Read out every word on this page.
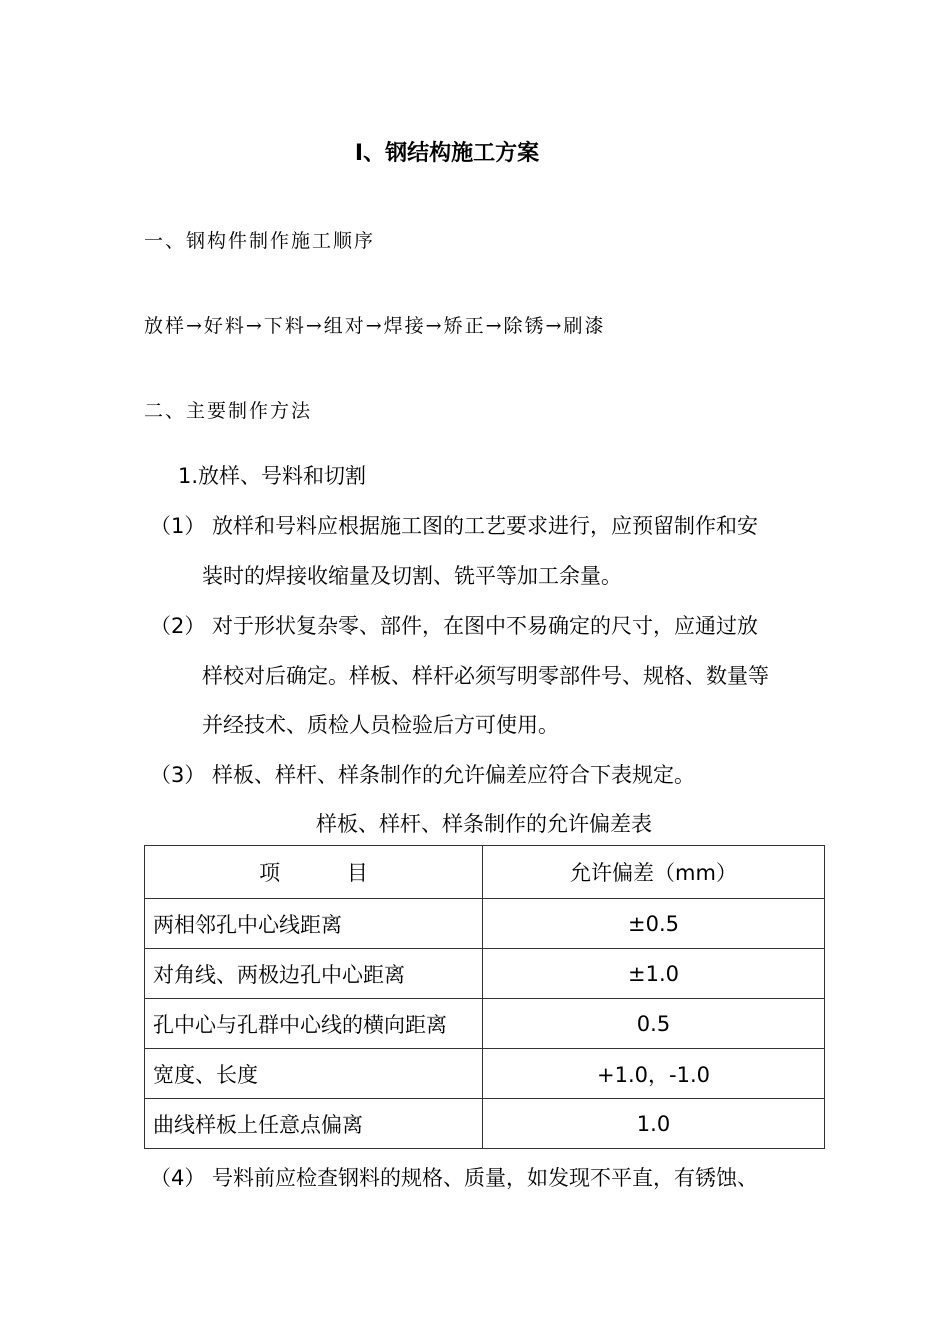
I、钢结构施工方案
一、钢构件制作施工顺序
放样→好料→下料→组对→焊接→矫正→除锈→刷漆
二、主要制作方法
1.放样、号料和切割
（1） 放样和号料应根据施工图的工艺要求进行，应预留制作和安
装时的焊接收缩量及切割、铣平等加工余量。
（2） 对于形状复杂零、部件，在图中不易确定的尺寸，应通过放
样校对后确定。样板、样杆必须写明零部件号、规格、数量等
并经技术、质检人员检验后方可使用。
（3） 样板、样杆、样条制作的允许偏差应符合下表规定。
样板、样杆、样条制作的允许偏差表
项          目	允许偏差（mm）
两相邻孔中心线距离	±0.5
对角线、两极边孔中心距离	±1.0
孔中心与孔群中心线的横向距离	0.5
宽度、长度	+1.0，-1.0
曲线样板上任意点偏离	1.0
（4） 号料前应检查钢料的规格、质量，如发现不平直，有锈蚀、
